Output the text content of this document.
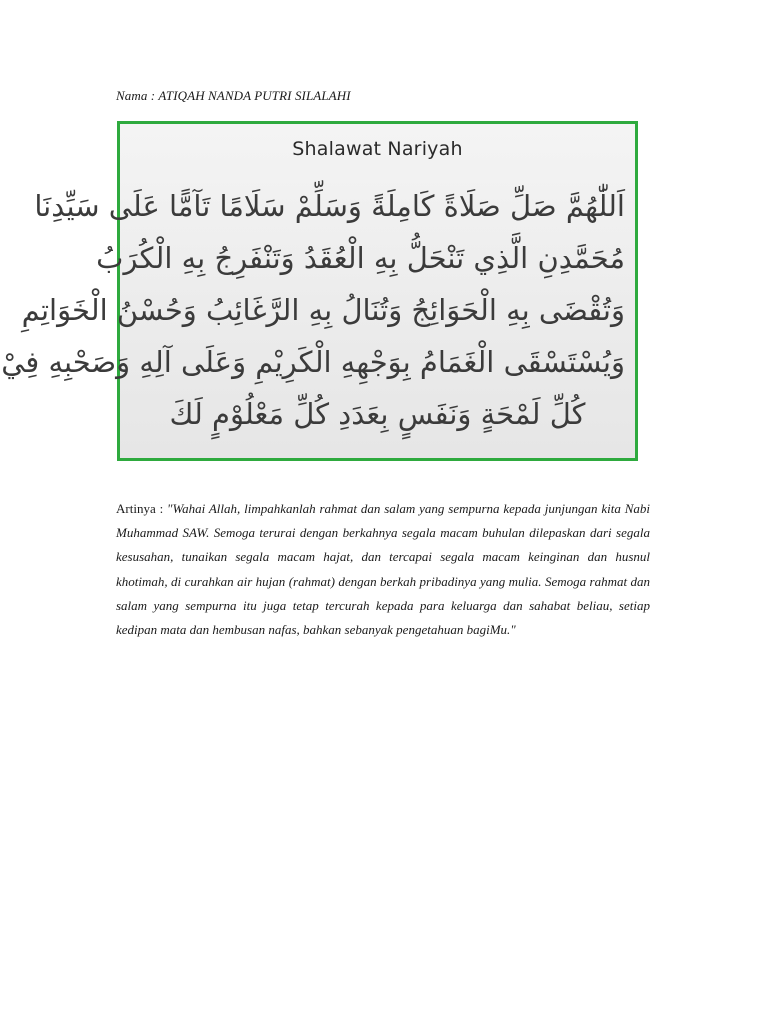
Nama : ATIQAH NANDA PUTRI SILALAHI
Shalawat Nariyah
اَللّٰهُمَّ صَلِّ صَلَاةً كَامِلَةً وَسَلِّمْ سَلَامًا تَآمًّا عَلَى سَيِّدِنَا
مُحَمَّدِنِ الَّذِي تَنْحَلُّ بِهِ الْعُقَدُ وَتَنْفَرِجُ بِهِ الْكُرَبُ
وَتُقْضَى بِهِ الْحَوَائِجُ وَتُنَالُ بِهِ الرَّغَائِبُ وَحُسْنُ الْخَوَاتِمِ
وَيُسْتَسْقَى الْغَمَامُ بِوَجْهِهِ الْكَرِيْمِ وَعَلَى آلِهِ وَصَحْبِهِ فِيْ
كُلِّ لَمْحَةٍ وَنَفَسٍ بِعَدَدِ كُلِّ مَعْلُوْمٍ لَكَ
Artinya : "Wahai Allah, limpahkanlah rahmat dan salam yang sempurna kepada junjungan kita Nabi Muhammad SAW. Semoga terurai dengan berkahnya segala macam buhulan dilepaskan dari segala kesusahan, tunaikan segala macam hajat, dan tercapai segala macam keinginan dan husnul khotimah, di curahkan air hujan (rahmat) dengan berkah pribadinya yang mulia. Semoga rahmat dan salam yang sempurna itu juga tetap tercurah kepada para keluarga dan sahabat beliau, setiap kedipan mata dan hembusan nafas, bahkan sebanyak pengetahuan bagiMu."
